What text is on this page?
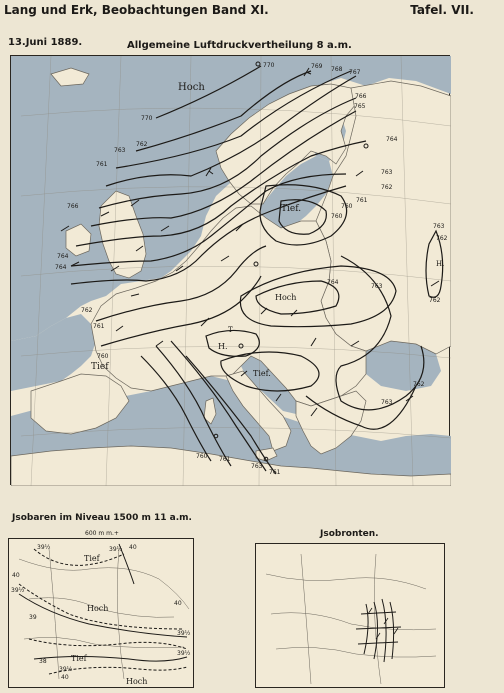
Lang und Erk, Beobachtungen Band XI.	Tafel. VII.
13.Juni 1889.	Allgemeine Luftdruckvertheilung 8 a.m.
Hoch
Tief.
Hoch
H.
T
Tief.
Tief
H.
770	769 768 767
766
765
764
763
762
761
760
770
763
762
761
760
766
764
764
762
761
760
764
763
763
762
762
762
763
760 761
763
761
Jsobaren im Niveau 1500 m 11 a.m.
600 m m.+
Tief
Hoch
Tief
Hoch
39½	39½ 40
39½
40
39
40
39½
38
39½
40
39½
Jsobronten.
